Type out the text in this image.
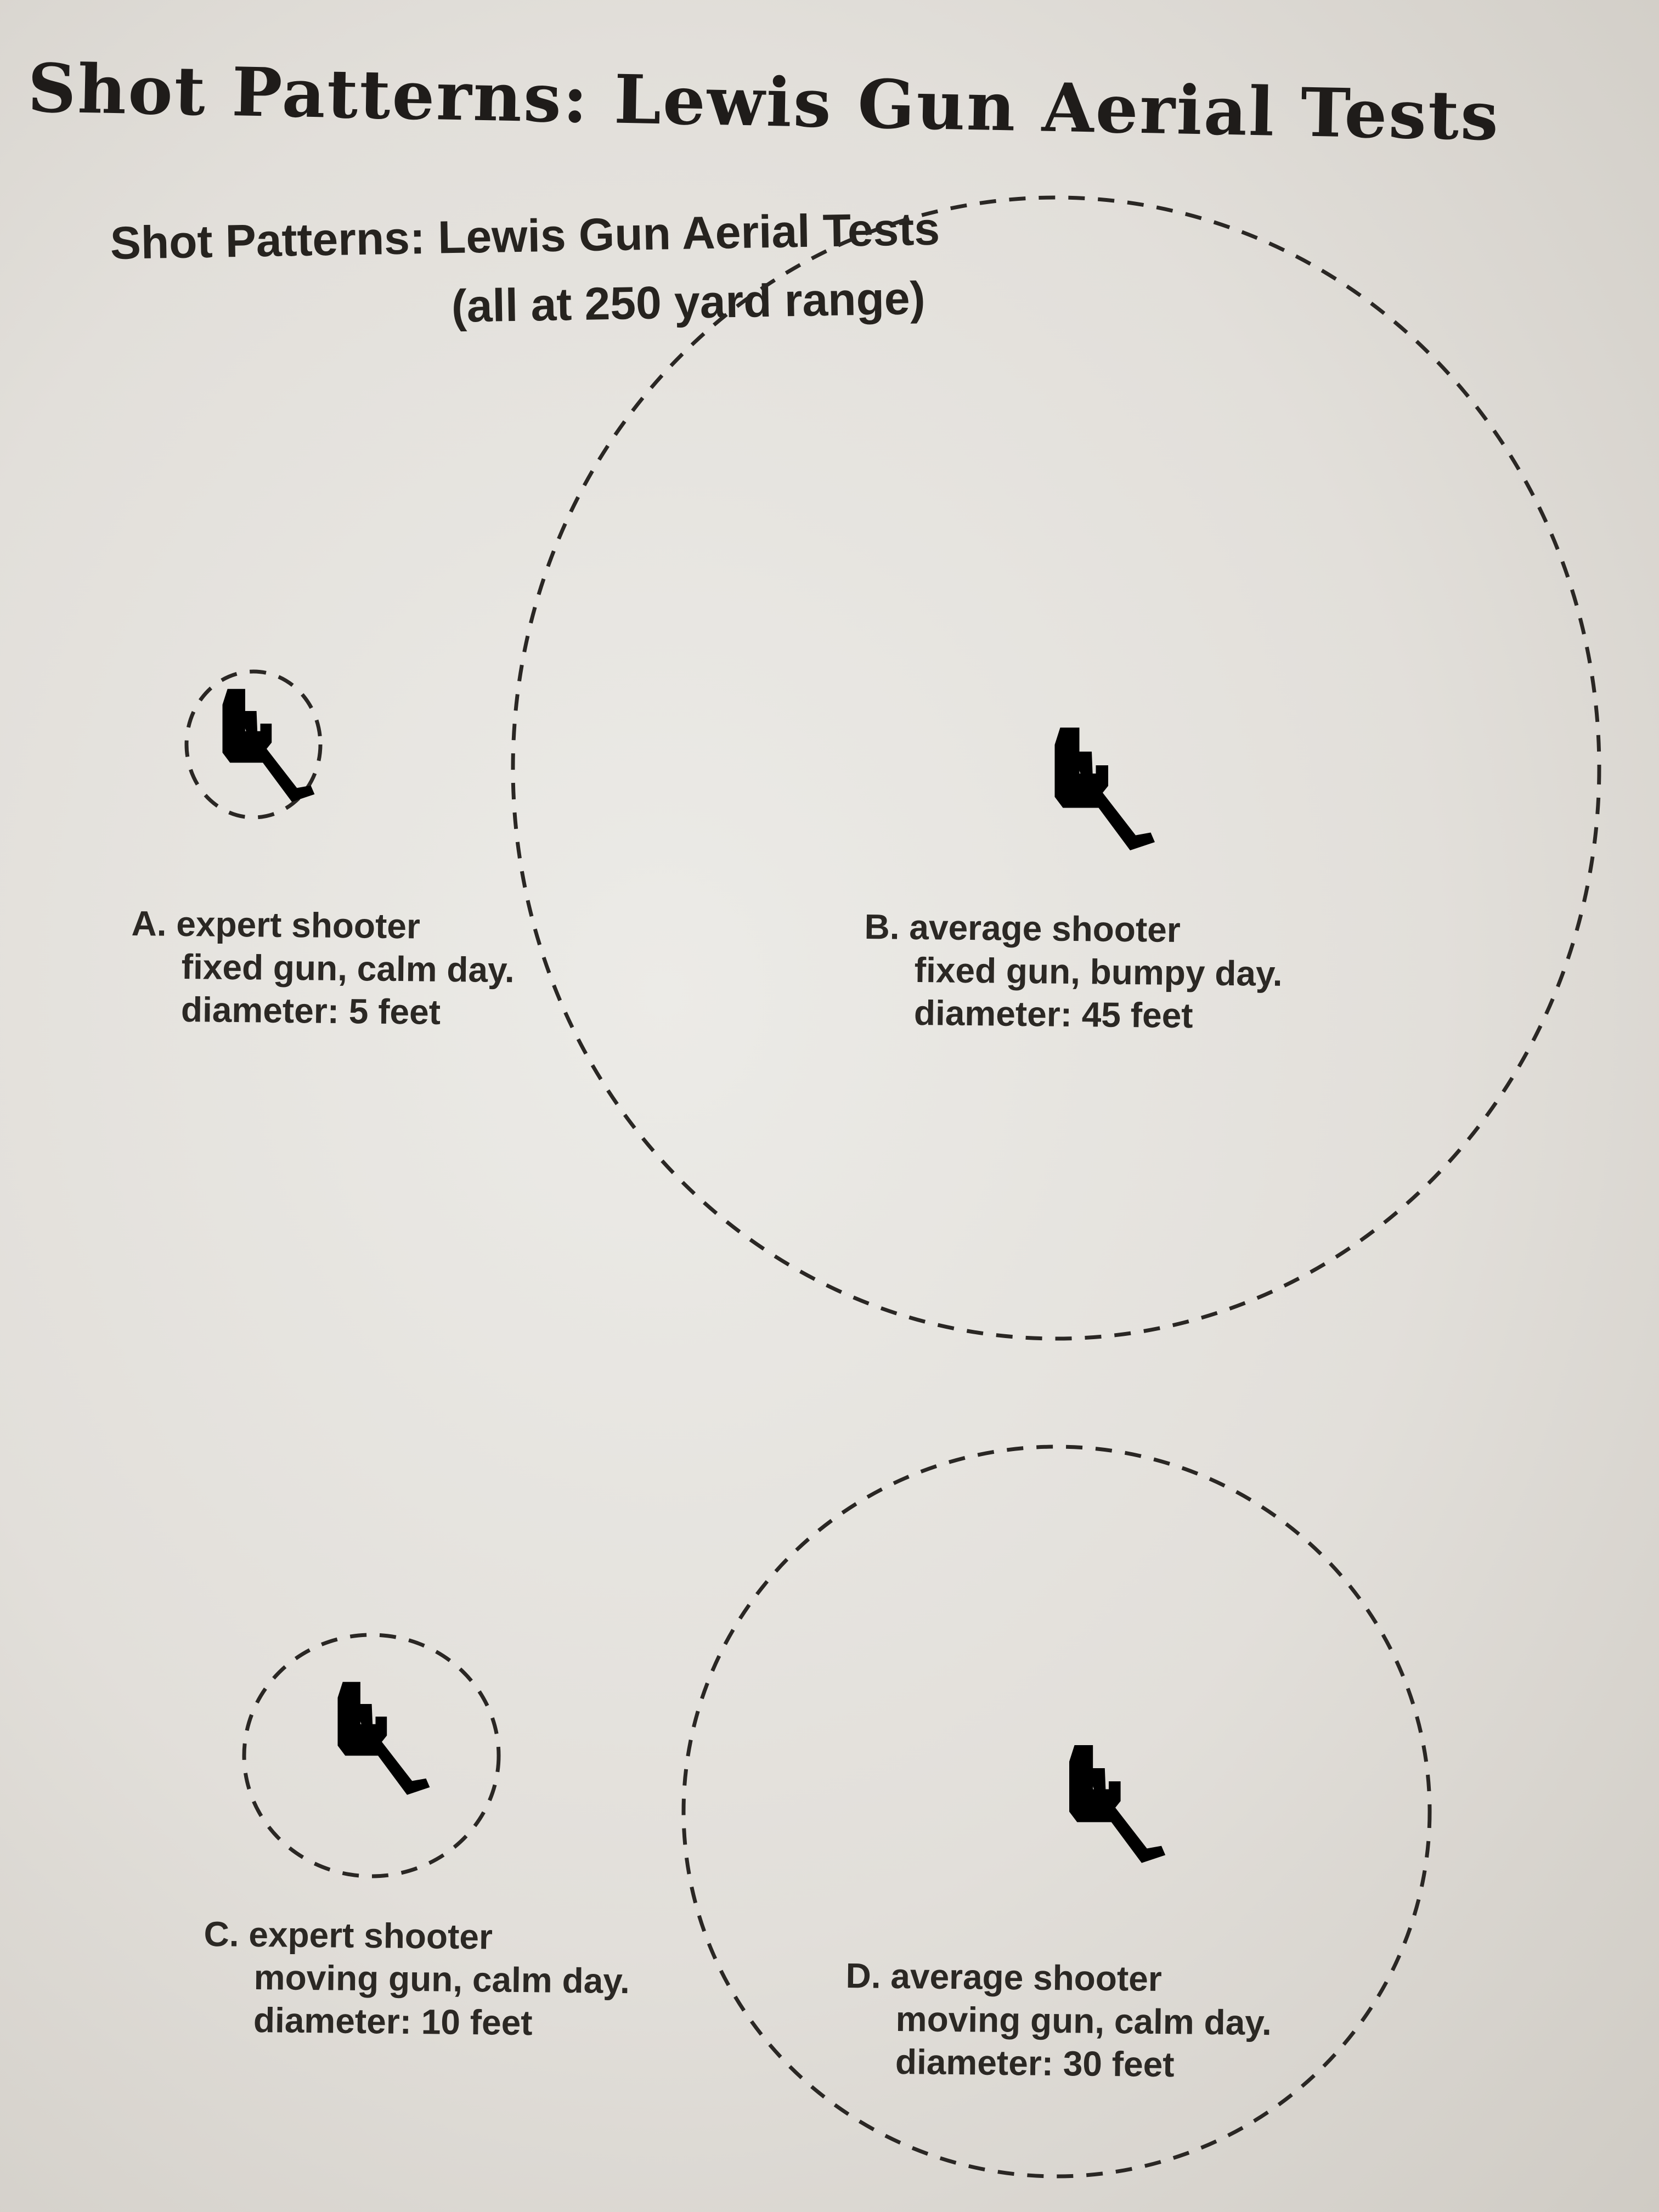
Shot Patterns: Lewis Gun Aerial Tests
Shot Patterns: Lewis Gun Aerial Tests
(all at 250 yard range)
A. expert shooter
fixed gun, calm day.
diameter: 5 feet
B. average shooter
fixed gun, bumpy day.
diameter: 45 feet
C. expert shooter
moving gun, calm day.
diameter: 10 feet
D. average shooter
moving gun, calm day.
diameter: 30 feet
